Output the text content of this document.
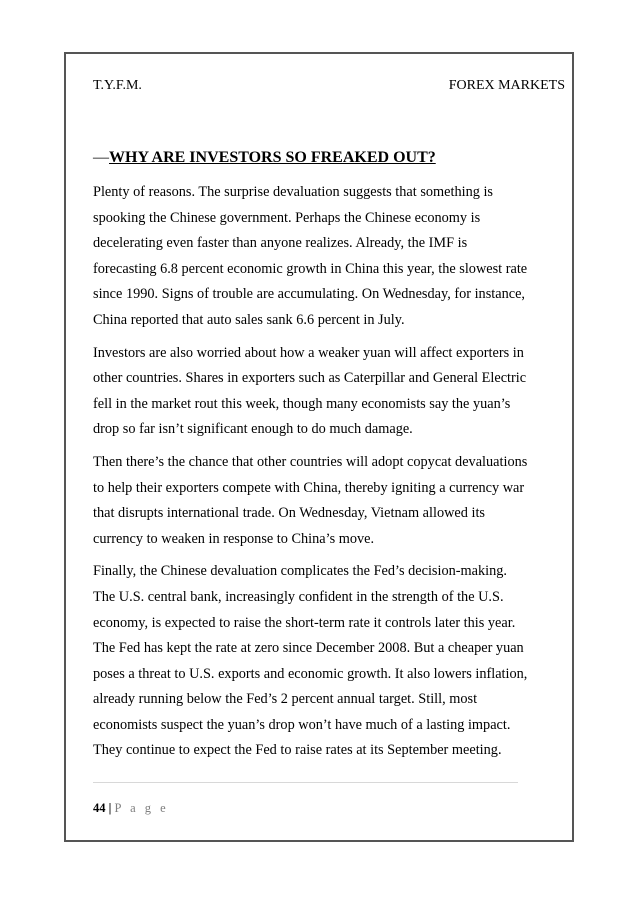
T.Y.F.M.	FOREX MARKETS
—WHY ARE INVESTORS SO FREAKED OUT?

Plenty of reasons. The surprise devaluation suggests that something is
spooking the Chinese government. Perhaps the Chinese economy is
decelerating even faster than anyone realizes. Already, the IMF is
forecasting 6.8 percent economic growth in China this year, the slowest rate
since 1990. Signs of trouble are accumulating. On Wednesday, for instance,
China reported that auto sales sank 6.6 percent in July.

Investors are also worried about how a weaker yuan will affect exporters in
other countries. Shares in exporters such as Caterpillar and General Electric
fell in the market rout this week, though many economists say the yuan’s
drop so far isn’t significant enough to do much damage.

Then there’s the chance that other countries will adopt copycat devaluations
to help their exporters compete with China, thereby igniting a currency war
that disrupts international trade. On Wednesday, Vietnam allowed its
currency to weaken in response to China’s move.

Finally, the Chinese devaluation complicates the Fed’s decision-making.
The U.S. central bank, increasingly confident in the strength of the U.S.
economy, is expected to raise the short-term rate it controls later this year.
The Fed has kept the rate at zero since December 2008. But a cheaper yuan
poses a threat to U.S. exports and economic growth. It also lowers inflation,
already running below the Fed’s 2 percent annual target. Still, most
economists suspect the yuan’s drop won’t have much of a lasting impact.
They continue to expect the Fed to raise rates at its September meeting.

44 | P a g e
